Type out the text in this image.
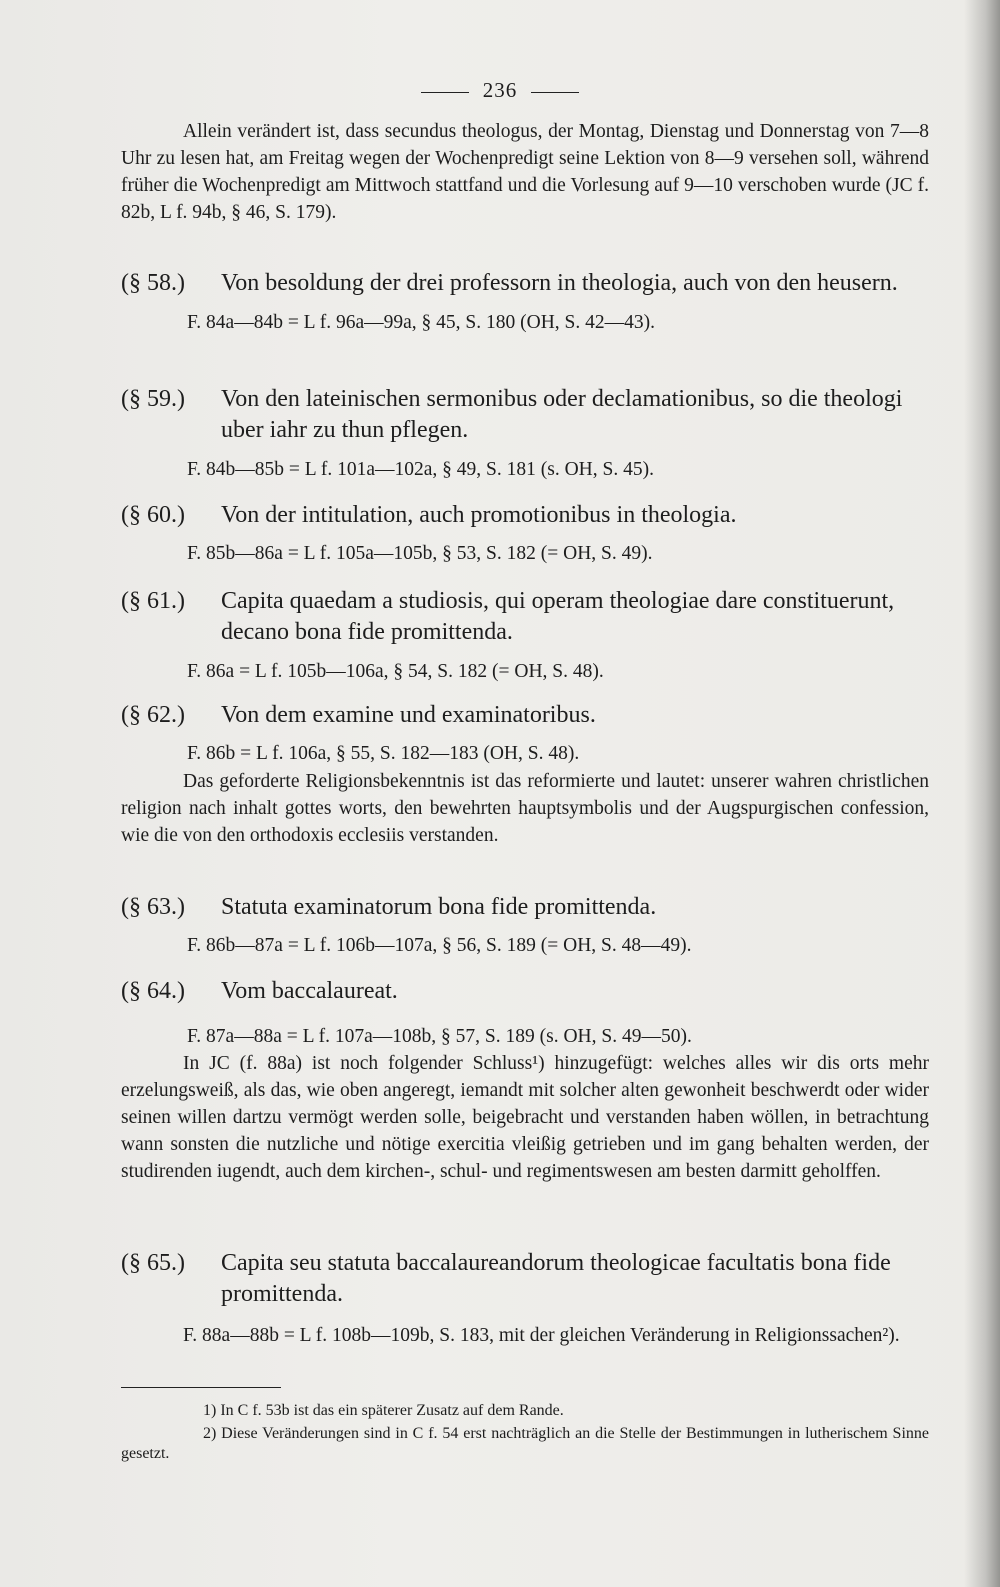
236

Allein verändert ist, dass secundus theologus, der Montag, Dienstag und Donnerstag von 7—8 Uhr zu lesen hat, am Freitag wegen der Wochenpredigt seine Lektion von 8—9 versehen soll, während früher die Wochenpredigt am Mittwoch stattfand und die Vorlesung auf 9—10 verschoben wurde (JC f. 82b, L f. 94b, § 46, S. 179).

(§ 58.)	Von besoldung der drei professorn in theologia, auch von den heusern.

F. 84a—84b = L f. 96a—99a, § 45, S. 180 (OH, S. 42—43).

(§ 59.)	Von den lateinischen sermonibus oder declamationibus, so die theologi uber iahr zu thun pflegen.

F. 84b—85b = L f. 101a—102a, § 49, S. 181 (s. OH, S. 45).

(§ 60.)	Von der intitulation, auch promotionibus in theologia.

F. 85b—86a = L f. 105a—105b, § 53, S. 182 (= OH, S. 49).

(§ 61.)	Capita quaedam a studiosis, qui operam theologiae dare constituerunt, decano bona fide promittenda.

F. 86a = L f. 105b—106a, § 54, S. 182 (= OH, S. 48).

(§ 62.)	Von dem examine und examinatoribus.

F. 86b = L f. 106a, § 55, S. 182—183 (OH, S. 48).

Das geforderte Religionsbekenntnis ist das reformierte und lautet: unserer wahren christlichen religion nach inhalt gottes worts, den bewehrten hauptsymbolis und der Augspurgischen confession, wie die von den orthodoxis ecclesiis verstanden.

(§ 63.)	Statuta examinatorum bona fide promittenda.

F. 86b—87a = L f. 106b—107a, § 56, S. 189 (= OH, S. 48—49).

(§ 64.)	Vom baccalaureat.

F. 87a—88a = L f. 107a—108b, § 57, S. 189 (s. OH, S. 49—50).

In JC (f. 88a) ist noch folgender Schluss¹) hinzugefügt: welches alles wir dis orts mehr erzelungsweiß, als das, wie oben angeregt, iemandt mit solcher alten gewonheit beschwerdt oder wider seinen willen dartzu vermögt werden solle, beigebracht und verstanden haben wöllen, in betrachtung wann sonsten die nutzliche und nötige exercitia vleißig getrieben und im gang behalten werden, der studirenden iugendt, auch dem kirchen-, schul- und regimentswesen am besten darmitt geholffen.

(§ 65.)	Capita seu statuta baccalaureandorum theologicae facultatis bona fide promittenda.

F. 88a—88b = L f. 108b—109b, S. 183, mit der gleichen Veränderung in Religionssachen²).

1) In C f. 53b ist das ein späterer Zusatz auf dem Rande.

2) Diese Veränderungen sind in C f. 54 erst nachträglich an die Stelle der Bestimmungen in lutherischem Sinne gesetzt.
